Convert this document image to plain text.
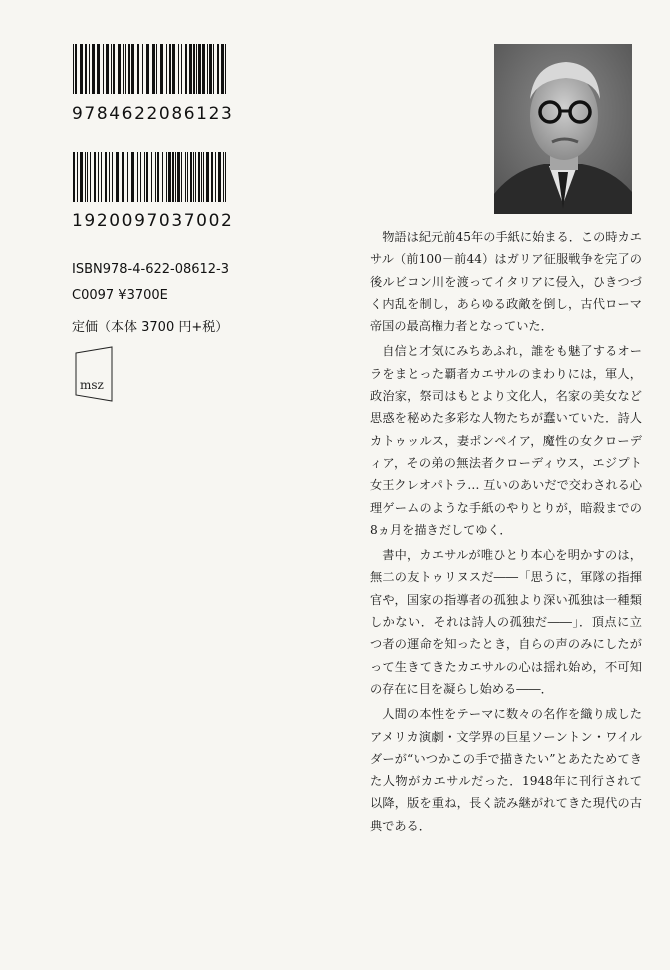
9784622086123
1920097037002
ISBN978-4-622-08612-3
C0097 ¥3700E
定価（本体 3700 円+税）
msz

物語は紀元前45年の手紙に始まる．この時カエサル（前100－前44）はガリア征服戦争を完了の後ルビコン川を渡ってイタリアに侵入，ひきつづく内乱を制し，あらゆる政敵を倒し，古代ローマ帝国の最高権力者となっていた．

自信と才気にみちあふれ，誰をも魅了するオーラをまとった覇者カエサルのまわりには，軍人，政治家，祭司はもとより文化人，名家の美女など思惑を秘めた多彩な人物たちが蠢いていた．詩人カトゥッルス，妻ポンペイア，魔性の女クローディア，その弟の無法者クローディウス，エジプト女王クレオパトラ… 互いのあいだで交わされる心理ゲームのような手紙のやりとりが，暗殺までの8ヵ月を描きだしてゆく．

書中，カエサルが唯ひとり本心を明かすのは，無二の友トゥリヌスだ――「思うに，軍隊の指揮官や，国家の指導者の孤独より深い孤独は一種類しかない．それは詩人の孤独だ――」．頂点に立つ者の運命を知ったとき，自らの声のみにしたがって生きてきたカエサルの心は揺れ始め，不可知の存在に目を凝らし始める――．

人間の本性をテーマに数々の名作を織り成したアメリカ演劇・文学界の巨星ソーントン・ワイルダーが“いつかこの手で描きたい”とあたためてきた人物がカエサルだった．1948年に刊行されて以降，版を重ね，長く読み継がれてきた現代の古典である．
